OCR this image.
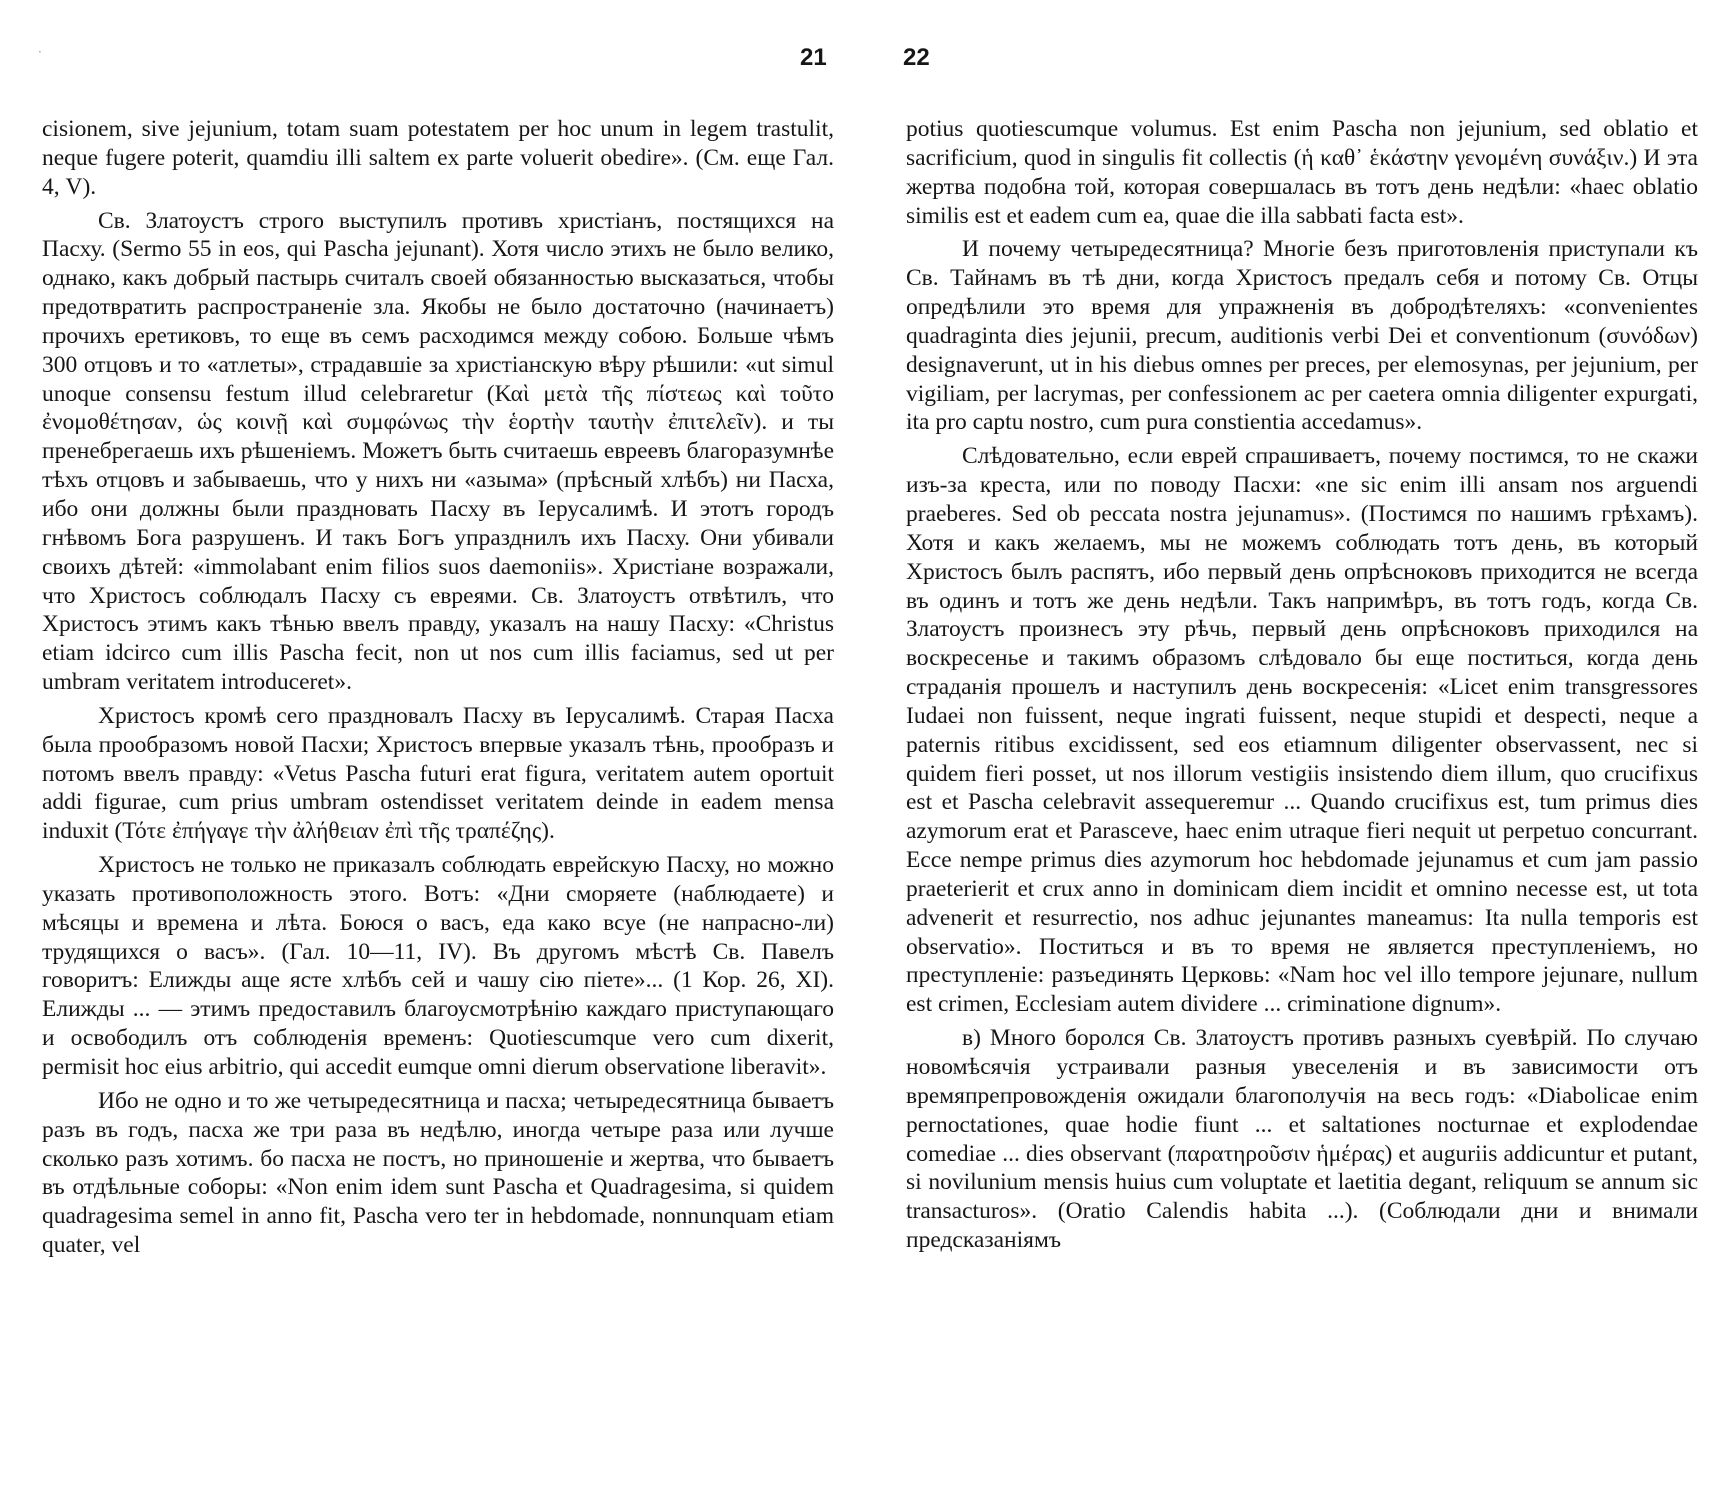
·	21	22

cisionem, sive jejunium, totam suam potestatem per hoc unum in legem trastulit, neque fugere poterit, quamdiu illi saltem ex parte voluerit obedire». (См. еще Гал. 4, V).

Св. Златоустъ строго выступилъ противъ христіанъ, постящихся на Пасху. (Sermo 55 in eos, qui Pascha jejunant). Хотя число этихъ не было велико, однако, какъ добрый пастырь считалъ своей обязанностью высказаться, чтобы предотвратить распространеніе зла. Якобы не было достаточно (начинаетъ) прочихъ еретиковъ, то еще въ семъ расходимся между собою. Больше чѣмъ 300 отцовъ и то «атлеты», страдавшіе за христіанскую вѣру рѣшили: «ut simul unoque consensu festum illud celebraretur (Καὶ μετὰ τῆς πίστεως καὶ τοῦτο ἐνομοθέτησαν, ὡς κοινῇ καὶ συμφώνως τὴν ἑορτὴν ταυτὴν ἐπιτελεῖν). и ты пренебрегаешь ихъ рѣшеніемъ. Можетъ быть считаешь евреевъ благоразумнѣе тѣхъ отцовъ и забываешь, что у нихъ ни «азыма» (прѣсный хлѣбъ) ни Пасха, ибо они должны были праздновать Пасху въ Іерусалимѣ. И этотъ городъ гнѣвомъ Бога разрушенъ. И такъ Богъ упразднилъ ихъ Пасху. Они убивали своихъ дѣтей: «immolabant enim filios suos daemoniis». Христіане возражали, что Христосъ соблюдалъ Пасху съ евреями. Св. Златоустъ отвѣтилъ, что Христосъ этимъ какъ тѣнью ввелъ правду, указалъ на нашу Пасху: «Christus etiam idcirco cum illis Pascha fecit, non ut nos cum illis faciamus, sed ut per umbram veritatem introduceret».

Христосъ кромѣ сего праздновалъ Пасху въ Іерусалимѣ. Старая Пасха была прообразомъ новой Пасхи; Христосъ впервые указалъ тѣнь, прообразъ и потомъ ввелъ правду: «Vetus Pascha futuri erat figura, veritatem autem oportuit addi figurae, cum prius umbram ostendisset veritatem deinde in eadem mensa induxit (Τότε ἐπήγαγε τὴν ἀλήθειαν ἐπὶ τῆς τραπέζης).

Христосъ не только не приказалъ соблюдать еврейскую Пасху, но можно указать противоположность этого. Вотъ: «Дни сморяете (наблюдаете) и мѣсяцы и времена и лѣта. Боюся о васъ, еда како всуе (не напрасно-ли) трудящихся о васъ». (Гал. 10—11, IV). Въ другомъ мѣстѣ Св. Павелъ говоритъ: Елижды аще ясте хлѣбъ сей и чашу сію піете»... (1 Кор. 26, XI). Елижды ... — этимъ предоставилъ благоусмотрѣнію каждаго приступающаго и освободилъ отъ соблюденія временъ: Quotiescumque vero cum dixerit, permisit hoc eius arbitrio, qui accedit eumque omni dierum observatione liberavit».

Ибо не одно и то же четыредесятница и пасха; четыредесятница бываетъ разъ въ годъ, пасха же три раза въ недѣлю, иногда четыре раза или лучше сколько разъ хотимъ. бо пасха не постъ, но приношеніе и жертва, что бываетъ въ отдѣльные соборы: «Non enim idem sunt Pascha et Quadragesima, si quidem quadragesima semel in anno fit, Pascha vero ter in hebdomade, nonnunquam etiam quater, vel

potius quotiescumque volumus. Est enim Pascha non jejunium, sed oblatio et sacrificium, quod in singulis fit collectis (ἡ καθ᾽ ἑκάστην γενομένη συνάξιν.) И эта жертва подобна той, которая совершалась въ тотъ день недѣли: «haec oblatio similis est et eadem cum ea, quae die illa sabbati facta est».

И почему четыредесятница? Многіе безъ приготовленія приступали къ Св. Тайнамъ въ тѣ дни, когда Христосъ предалъ себя и потому Св. Отцы опредѣлили это время для упражненія въ добродѣтеляхъ: «convenientes quadraginta dies jejunii, precum, auditionis verbi Dei et conventionum (συνόδων) designaverunt, ut in his diebus omnes per preces, per elemosynas, per jejunium, per vigiliam, per lacrymas, per confessionem ac per caetera omnia diligenter expurgati, ita pro captu nostro, cum pura constientia accedamus».

Слѣдовательно, если еврей спрашиваетъ, почему постимся, то не скажи изъ-за креста, или по поводу Пасхи: «ne sic enim illi ansam nos arguendi praeberes. Sed ob peccata nostra jejunamus». (Постимся по нашимъ грѣхамъ). Хотя и какъ желаемъ, мы не можемъ соблюдать тотъ день, въ который Христосъ былъ распятъ, ибо первый день опрѣсноковъ приходится не всегда въ одинъ и тотъ же день недѣли. Такъ напримѣръ, въ тотъ годъ, когда Св. Златоустъ произнесъ эту рѣчь, первый день опрѣсноковъ приходился на воскресенье и такимъ образомъ слѣдовало бы еще поститься, когда день страданія прошелъ и наступилъ день воскресенія: «Licet enim transgressores Iudaei non fuissent, neque ingrati fuissent, neque stupidi et despecti, neque a paternis ritibus excidissent, sed eos etiamnum diligenter observassent, nec si quidem fieri posset, ut nos illorum vestigiis insistendo diem illum, quo crucifixus est et Pascha celebravit assequeremur ... Quando crucifixus est, tum primus dies azymorum erat et Parasceve, haec enim utraque fieri nequit ut perpetuo concurrant. Ecce nempe primus dies azymorum hoc hebdomade jejunamus et cum jam passio praeterierit et crux anno in dominicam diem incidit et omnino necesse est, ut tota advenerit et resurrectio, nos adhuc jejunantes maneamus: Ita nulla temporis est observatio». Поститься и въ то время не является преступленіемъ, но преступленіе: разъединять Церковь: «Nam hoc vel illo tempore jejunare, nullum est crimen, Ecclesiam autem dividere ... criminatione dignum».

в) Много боролся Св. Златоустъ противъ разныхъ суевѣрій. По случаю новомѣсячія устраивали разныя увеселенія и въ зависимости отъ времяпрепровожденія ожидали благополучія на весь годъ: «Diabolicae enim pernoctationes, quae hodie fiunt ... et saltationes nocturnae et explodendae comediae ... dies observant (παρατηροῦσιν ἡμέρας) et auguriis addicuntur et putant, si novilunium mensis huius cum voluptate et laetitia degant, reliquum se annum sic transacturos». (Oratio Calendis habita ...). (Соблюдали дни и внимали предсказаніямъ
